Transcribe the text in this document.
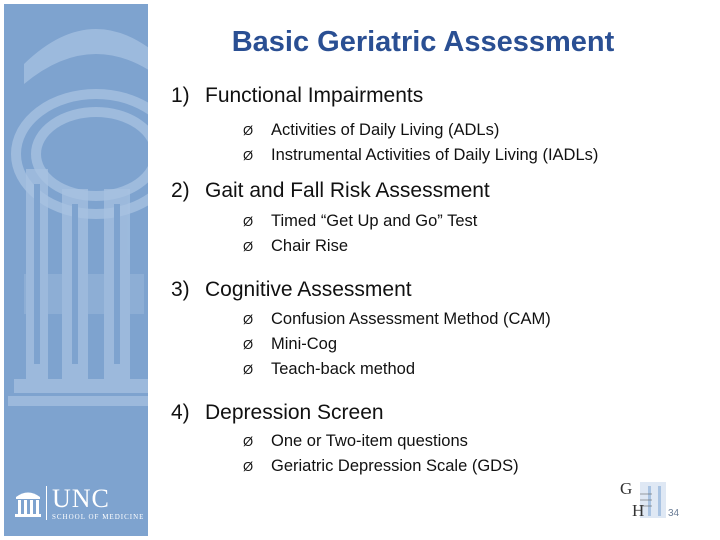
UNC
SCHOOL OF MEDICINE
Basic Geriatric Assessment
1) Functional Impairments
Ø	Activities of Daily Living (ADLs)
Ø	Instrumental Activities of Daily Living (IADLs)
2) Gait and Fall Risk Assessment
Ø	Timed “Get Up and Go” Test
Ø	Chair Rise
3) Cognitive Assessment
Ø	Confusion Assessment Method (CAM)
Ø	Mini-Cog
Ø	Teach-back method
4) Depression Screen
Ø	One or Two-item questions
Ø	Geriatric Depression Scale (GDS)
G
H 34
